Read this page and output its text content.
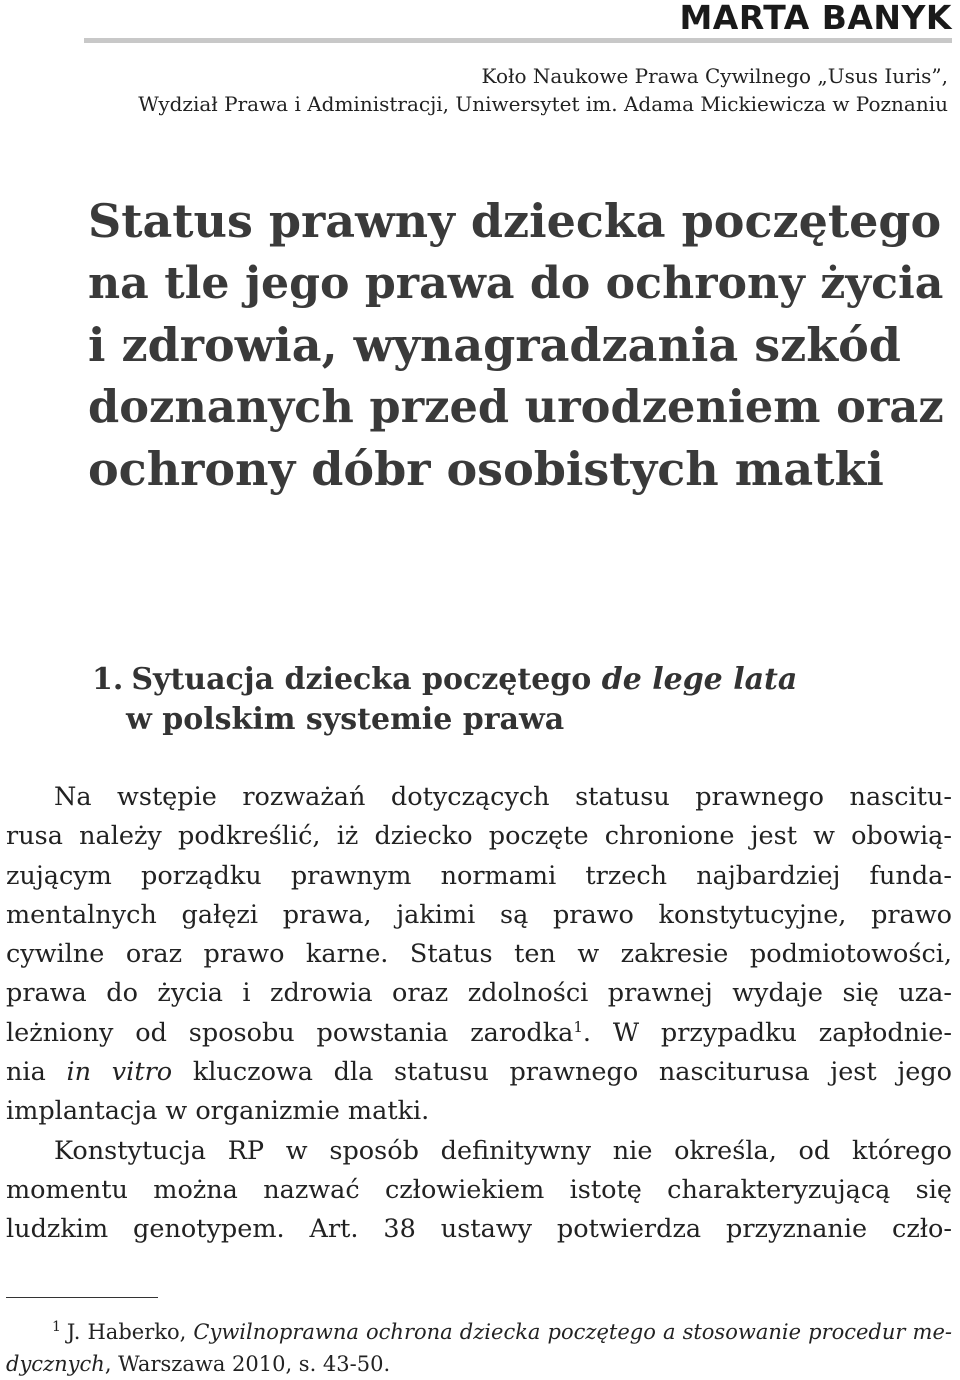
MARTA BANYK
Koło Naukowe Prawa Cywilnego „Usus Iuris”,
Wydział Prawa i Administracji, Uniwersytet im. Adama Mickiewicza w Poznaniu
Status prawny dziecka poczętego
na tle jego prawa do ochrony życia
i zdrowia, wynagradzania szkód
doznanych przed urodzeniem oraz
ochrony dóbr osobistych matki
1. Sytuacja dziecka poczętego de lege lata
w polskim systemie prawa
Na wstępie rozważań dotyczących statusu prawnego nascitu-
rusa należy podkreślić, iż dziecko poczęte chronione jest w obowią-
zującym porządku prawnym normami trzech najbardziej funda-
mentalnych gałęzi prawa, jakimi są prawo konstytucyjne, prawo
cywilne oraz prawo karne. Status ten w zakresie podmiotowości,
prawa do życia i zdrowia oraz zdolności prawnej wydaje się uza-
leżniony od sposobu powstania zarodka$^1$. W przypadku zapłodnie-
nia in vitro kluczowa dla statusu prawnego nasciturusa jest jego
implantacja w organizmie matki.
Konstytucja RP w sposób definitywny nie określa, od którego
momentu można nazwać człowiekiem istotę charakteryzującą się
ludzkim genotypem. Art. 38 ustawy potwierdza przyznanie czło-
$^1$ J. Haberko, Cywilnoprawna ochrona dziecka poczętego a stosowanie procedur me-
dycznych, Warszawa 2010, s. 43-50.
